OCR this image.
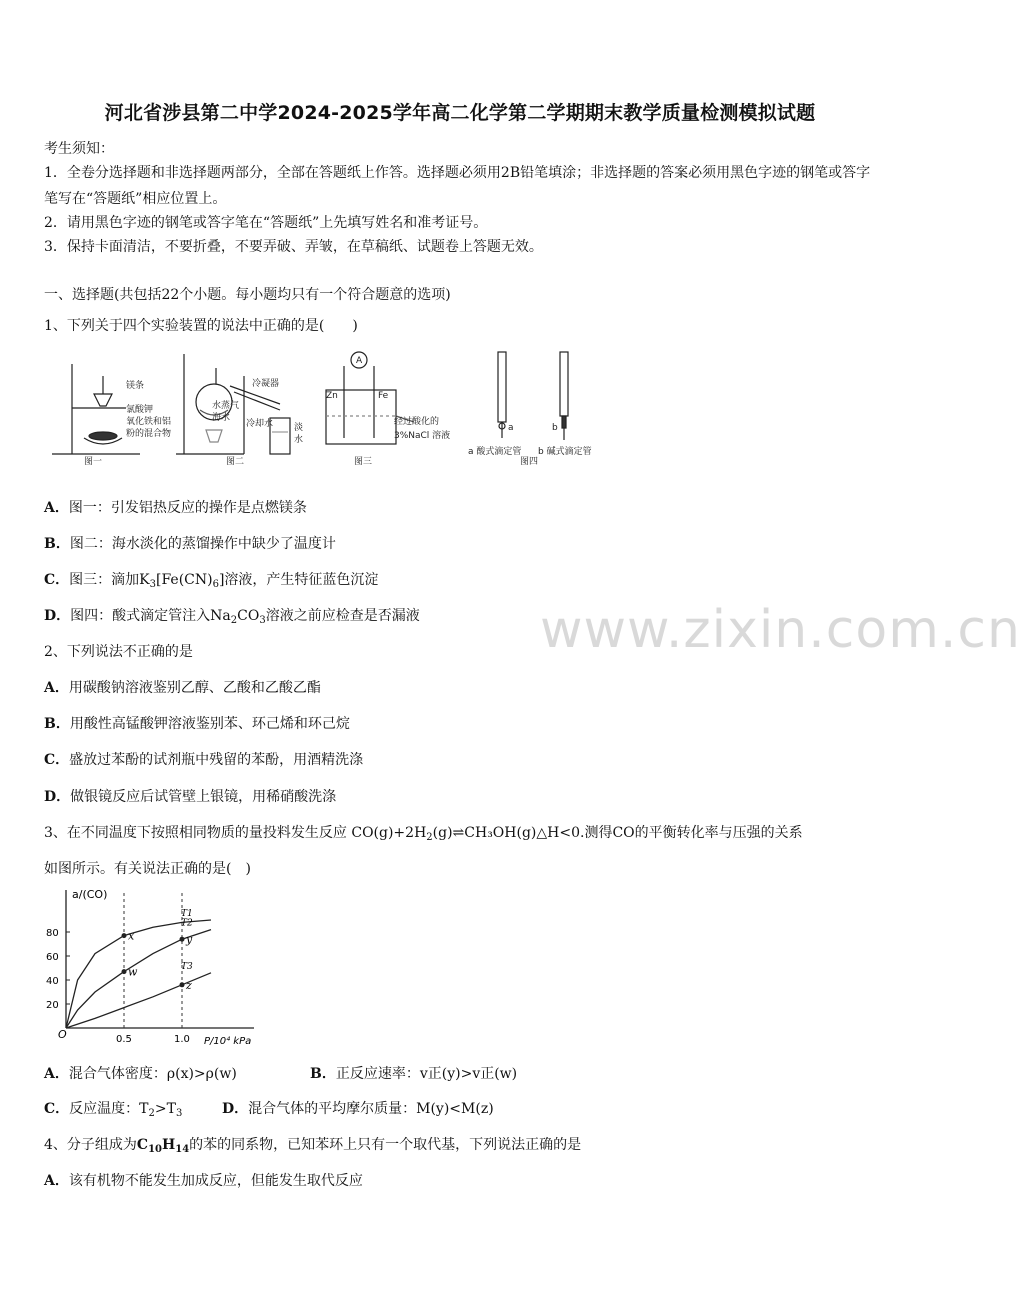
河北省涉县第二中学2024-2025学年高二化学第二学期期末教学质量检测模拟试题
考生须知：
1．全卷分选择题和非选择题两部分，全部在答题纸上作答。选择题必须用2B铅笔填涂；非选择题的答案必须用黑色字迹的钢笔或答字笔写在“答题纸”相应位置上。
2．请用黑色字迹的钢笔或答字笔在“答题纸”上先填写姓名和准考证号。
3．保持卡面清洁，不要折叠，不要弄破、弄皱，在草稿纸、试题卷上答题无效。
一、选择题(共包括22个小题。每小题均只有一个符合题意的选项)
1、下列关于四个实验装置的说法中正确的是(　　)
镁条
氯酸钾
氧化铁和铝
粉的混合物
图一
冷凝器
水蒸气
海水
冷却水 淡
水
图二
A
Zn	Fe
经过酸化的
3%NaCl 溶液
图三
a	b
a 酸式滴定管 b 碱式滴定管
图四
A．图一：引发铝热反应的操作是点燃镁条
B．图二：海水淡化的蒸馏操作中缺少了温度计
C．图三：滴加$K_3[Fe(CN)_6]$溶液，产生特征蓝色沉淀
D．图四：酸式滴定管注入$Na_2CO_3$溶液之前应检查是否漏液 www.zixin.com.cn
2、下列说法不正确的是
A．用碳酸钠溶液鉴别乙醇、乙酸和乙酸乙酯
B．用酸性高锰酸钾溶液鉴别苯、环己烯和环己烷
C．盛放过苯酚的试剂瓶中残留的苯酚，用酒精洗涤
D．做银镜反应后试管壁上银镜，用稀硝酸洗涤
3、在不同温度下按照相同物质的量投料发生反应 $CO(g)+2H_2(g)\rightleftharpoons CH_3OH(g)\triangle H<0$.测得CO的平衡转化率与压强的关系
如图所示。有关说法正确的是(　)
a/(CO)
P/10⁴ kPa
O
20
40
60
80
0.5	1.0
T1
T2
T3
x
w
y
z
A．混合气体密度：ρ(x)>ρ(w)	B．正反应速率：v正(y)>v正(w)
C．反应温度：$T_2>T_3$	D．混合气体的平均摩尔质量：M(y)<M(z)
4、分子组成为$C_{10}H_{14}$的苯的同系物，已知苯环上只有一个取代基，下列说法正确的是
A．该有机物不能发生加成反应，但能发生取代反应
